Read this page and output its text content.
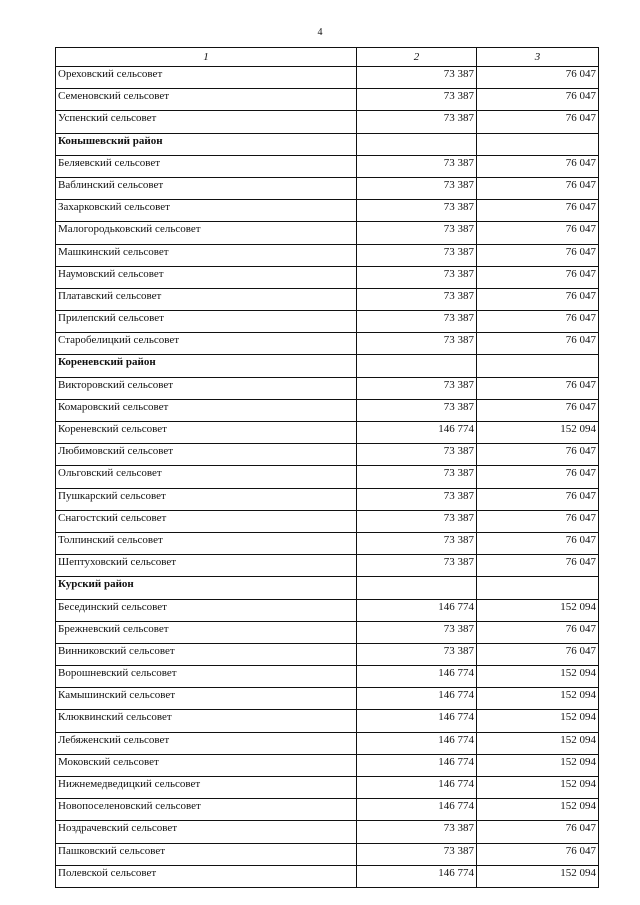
4
1	2	3
Ореховский сельсовет	73 387	76 047
Семеновский сельсовет	73 387	76 047
Успенский сельсовет	73 387	76 047
Конышевский район		
Беляевский сельсовет	73 387	76 047
Ваблинский сельсовет	73 387	76 047
Захарковский сельсовет	73 387	76 047
Малогородьковский сельсовет	73 387	76 047
Машкинский сельсовет	73 387	76 047
Наумовский сельсовет	73 387	76 047
Платавский сельсовет	73 387	76 047
Прилепский сельсовет	73 387	76 047
Старобелицкий сельсовет	73 387	76 047
Кореневский район		
Викторовский сельсовет	73 387	76 047
Комаровский сельсовет	73 387	76 047
Кореневский сельсовет	146 774	152 094
Любимовский сельсовет	73 387	76 047
Ольговский сельсовет	73 387	76 047
Пушкарский сельсовет	73 387	76 047
Снагостский сельсовет	73 387	76 047
Толпинский сельсовет	73 387	76 047
Шептуховский сельсовет	73 387	76 047
Курский район		
Бесединский сельсовет	146 774	152 094
Брежневский сельсовет	73 387	76 047
Винниковский сельсовет	73 387	76 047
Ворошневский сельсовет	146 774	152 094
Камышинский сельсовет	146 774	152 094
Клюквинский сельсовет	146 774	152 094
Лебяженский сельсовет	146 774	152 094
Моковский сельсовет	146 774	152 094
Нижнемедведицкий сельсовет	146 774	152 094
Новопоселеновский сельсовет	146 774	152 094
Ноздрачевский сельсовет	73 387	76 047
Пашковский сельсовет	73 387	76 047
Полевской сельсовет	146 774	152 094
